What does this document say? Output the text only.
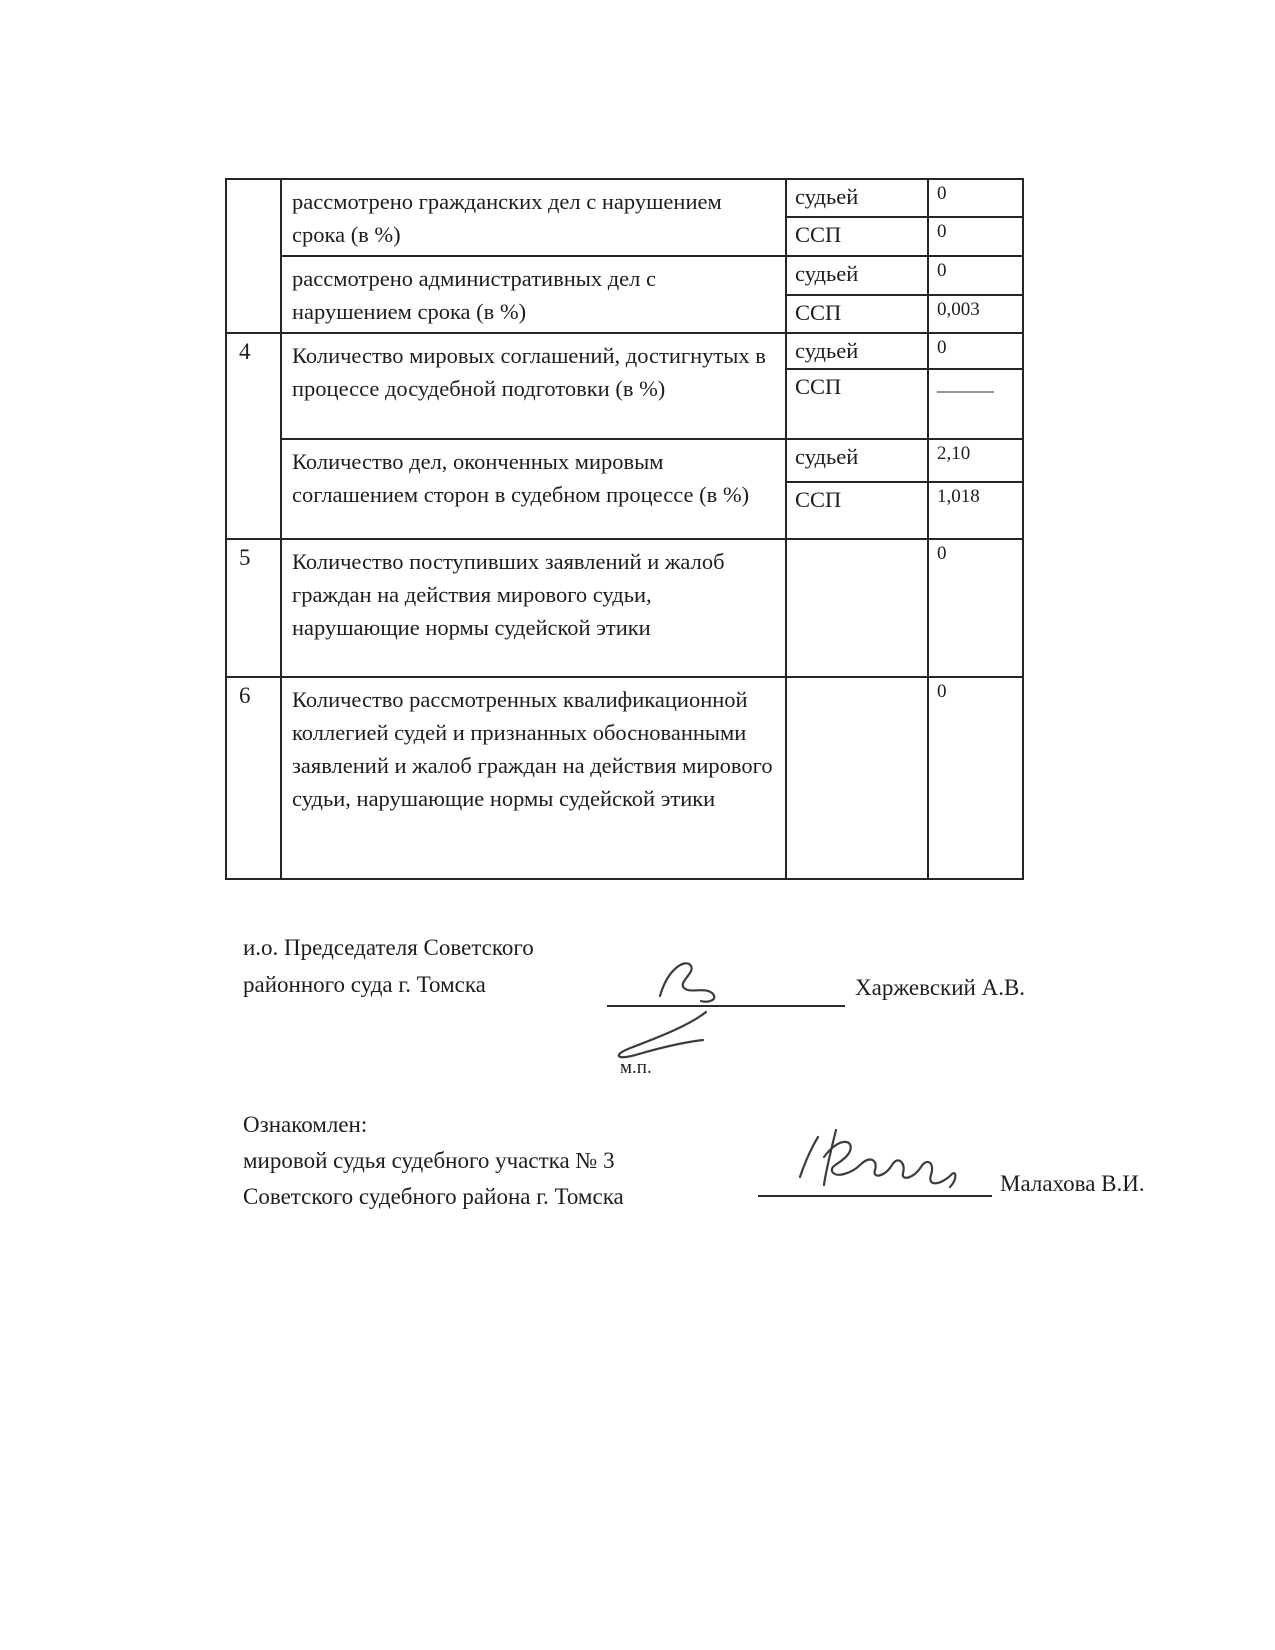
	рассмотрено гражданских дел с нарушением срока (в %)	судьей	0
		ССП	0
	рассмотрено административных дел с нарушением срока (в %)	судьей	0
		ССП	0,003
4	Количество мировых соглашений, достигнутых в процессе досудебной подготовки (в %)	судьей	0
		ССП	———
	Количество дел, оконченных мировым соглашением сторон в судебном процессе (в %)	судьей	2,10
		ССП	1,018
5	Количество поступивших заявлений и жалоб граждан на действия мирового судьи, нарушающие нормы судейской этики		0
6	Количество рассмотренных квалификационной коллегией судей и признанных обоснованными заявлений и жалоб граждан на действия мирового судьи, нарушающие нормы судейской этики		0
и.о. Председателя Советского
районного суда г. Томска	Харжевский А.В.
м.п.
Ознакомлен:
мировой судья судебного участка № 3
Советского судебного района г. Томска
Малахова В.И.
